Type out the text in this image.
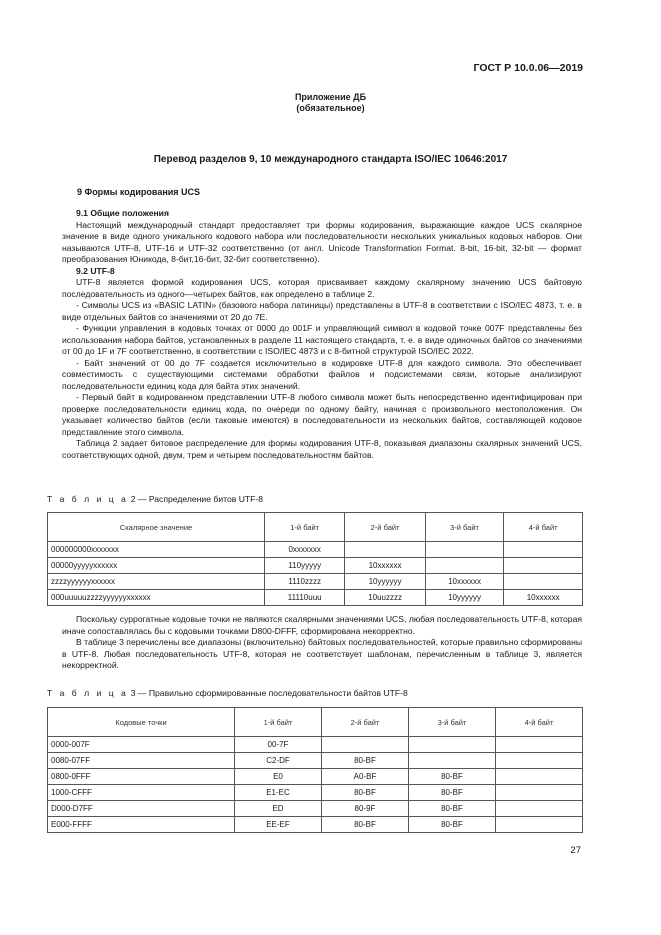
ГОСТ Р 10.0.06—2019
Приложение ДБ
(обязательное)
Перевод разделов 9, 10 международного стандарта ISO/IEC 10646:2017
9 Формы кодирования UCS

9.1 Общие положения

Настоящий международный стандарт предоставляет три формы кодирования, выражающие каждое UCS скалярное значение в виде одного уникального кодового набора или последовательности нескольких уникальных кодовых наборов. Они называются UTF-8, UTF-16 и UTF-32 соответственно (от англ. Unicode Transformation Format. 8-bit, 16-bit, 32-bit — формат преобразования Юникода, 8-бит,16-бит, 32-бит соответственно).

9.2 UTF-8

UTF-8 является формой кодирования UCS, которая присваивает каждому скалярному значению UCS байтовую последовательность из одного—четырех байтов, как определено в таблице 2.

- Символы UCS из «BASIC LATIN» (базового набора латиницы) представлены в UTF-8 в соответствии с ISO/IEC 4873, т. е. в виде отдельных байтов со значениями от 20 до 7E.

- Функции управления в кодовых точках от 0000 до 001F и управляющий символ в кодовой точке 007F представлены без использования набора байтов, установленных в разделе 11 настоящего стандарта, т. е. в виде одиночных байтов со значениями от 00 до 1F и 7F соответственно, в соответствии с ISO/IEC 4873 и с 8-битной структурой ISO/IEC 2022.

- Байт значений от 00 до 7F создается исключительно в кодировке UTF-8 для каждого символа. Это обеспечивает совместимость с существующими системами обработки файлов и подсистемами связи, которые анализируют последовательности единиц кода для байта этих значений.

- Первый байт в кодированном представлении UTF-8 любого символа может быть непосредственно идентифицирован при проверке последовательности единиц кода, по очереди по одному байту, начиная с произвольного местоположения. Он указывает количество байтов (если таковые имеются) в последовательности из нескольких байтов, составляющей кодовое представление этого символа.

Таблица 2 задает битовое распределение для формы кодирования UTF-8, показывая диапазоны скалярных значений UCS, соответствующих одной, двум, трем и четырем последовательностям байтов.

Т а б л и ц а 2 — Распределение битов UTF-8
Скалярное значение	1-й байт	2-й байт	3-й байт	4-й байт
000000000xxxxxxx	0xxxxxxx			
00000yyyyyxxxxxx	110yyyyy	10xxxxxx		
zzzzyyyyyyxxxxxx	1110zzzz	10yyyyyy	10xxxxxx	
000uuuuuzzzzyyyyyyxxxxxx	11110uuu	10uuzzzz	10yyyyyy	10xxxxxx

Поскольку суррогатные кодовые точки не являются скалярными значениями UCS, любая последовательность UTF-8, которая иначе сопоставлялась бы с кодовыми точками D800-DFFF, сформирована некорректно.

В таблице 3 перечислены все диапазоны (включительно) байтовых последовательностей, которые правильно сформированы в UTF-8. Любая последовательность UTF-8, которая не соответствует шаблонам, перечисленным в таблице 3, является некорректной.

Т а б л и ц а 3 — Правильно сформированные последовательности байтов UTF-8
Кодовые точки	1-й байт	2-й байт	3-й байт	4-й байт
0000-007F	00-7F			
0080-07FF	C2-DF	80-BF		
0800-0FFF	E0	A0-BF	80-BF	
1000-CFFF	E1-EC	80-BF	80-BF	
D000-D7FF	ED	80-9F	80-BF	
E000-FFFF	EE-EF	80-BF	80-BF	
27
